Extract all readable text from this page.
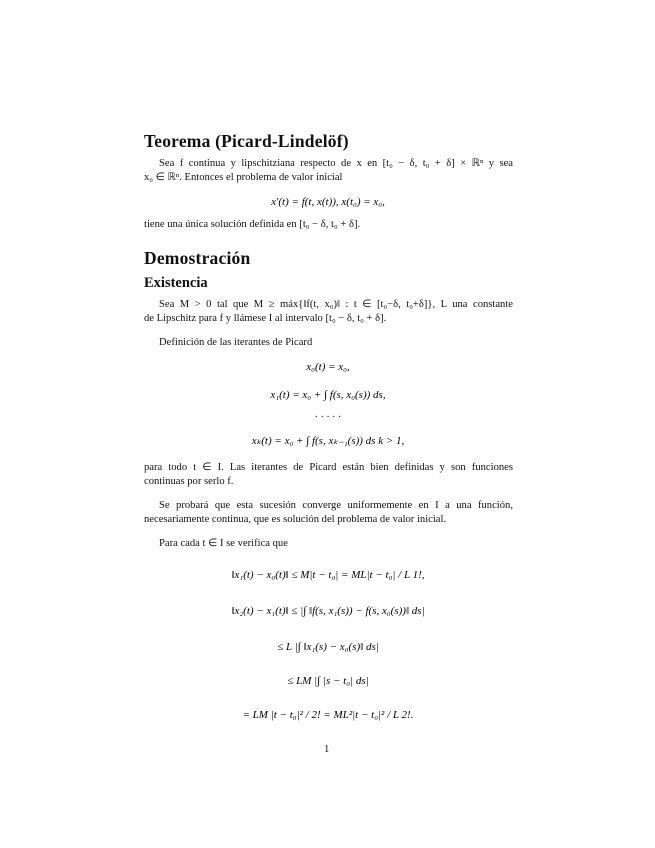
Teorema (Picard-Lindelöf)
Sea f continua y lipschitziana respecto de x en [t₀ − δ, t₀ + δ] × ℝⁿ y sea
x₀ ∈ ℝⁿ. Entonces el problema de valor inicial
x′(t) = f(t, x(t)), x(t₀) = x₀,
tiene una única solución definida en [t₀ − δ, t₀ + δ].
Demostración
Existencia
Sea M > 0 tal que M ≥ máx{‖f(t, x₀)‖ : t ∈ [t₀−δ, t₀+δ]}, L una constante
de Lipschitz para f y llámese I al intervalo [t₀ − δ, t₀ + δ].
Definición de las iterantes de Picard
x₀(t) = x₀,
x₁(t) = x₀ + ∫ f(s, x₀(s)) ds,
· · · · ·
xₖ(t) = x₀ + ∫ f(s, xₖ₋₁(s)) ds k > 1,
para todo t ∈ I. Las iterantes de Picard están bien definidas y son funciones
continuas por serlo f.
Se probará que esta sucesión converge uniformemente en I a una función,
necesariamente continua, que es solución del problema de valor inicial.
Para cada t ∈ I se verifica que
‖x₁(t) − x₀(t)‖ ≤ M|t − t₀| = ML|t − t₀| / L 1!,
‖x₂(t) − x₁(t)‖ ≤ |∫ ‖f(s, x₁(s)) − f(s, x₀(s))‖ ds|
≤ L |∫ ‖x₁(s) − x₀(s)‖ ds|
≤ LM |∫ |s − t₀| ds|
= LM |t − t₀|² / 2! = ML²|t − t₀|² / L 2!.
1
